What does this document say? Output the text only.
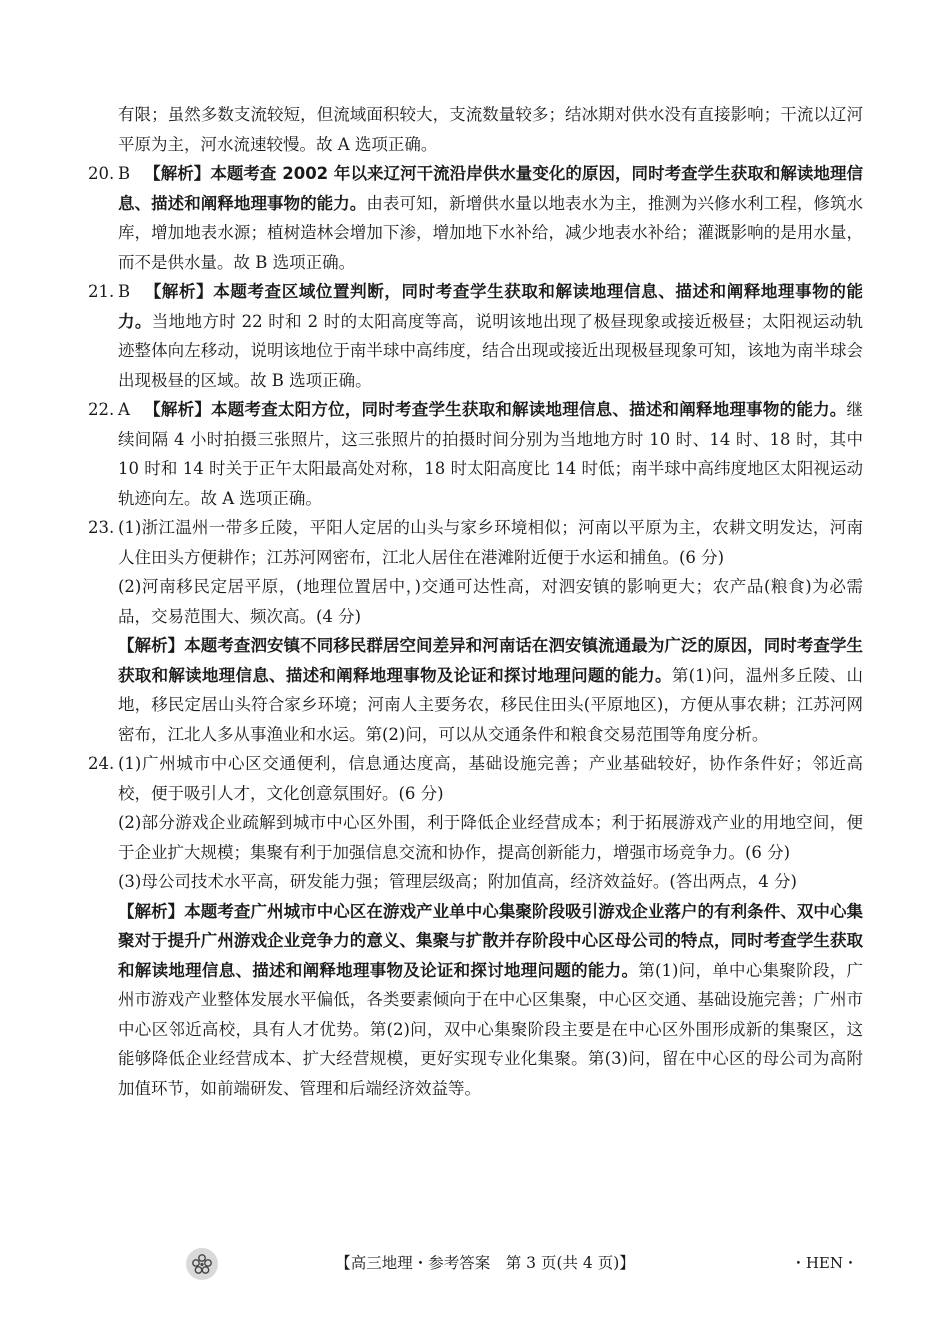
有限；虽然多数支流较短，但流域面积较大，支流数量较多；结冰期对供水没有直接影响；干流以辽河平原为主，河水流速较慢。故 A 选项正确。

20. B 【解析】本题考查 2002 年以来辽河干流沿岸供水量变化的原因，同时考查学生获取和解读地理信息、描述和阐释地理事物的能力。由表可知，新增供水量以地表水为主，推测为兴修水利工程，修筑水库，增加地表水源；植树造林会增加下渗，增加地下水补给，减少地表水补给；灌溉影响的是用水量，而不是供水量。故 B 选项正确。
21. B 【解析】本题考查区域位置判断，同时考查学生获取和解读地理信息、描述和阐释地理事物的能力。当地地方时 22 时和 2 时的太阳高度等高，说明该地出现了极昼现象或接近极昼；太阳视运动轨迹整体向左移动，说明该地位于南半球中高纬度，结合出现或接近出现极昼现象可知，该地为南半球会出现极昼的区域。故 B 选项正确。
22. A 【解析】本题考查太阳方位，同时考查学生获取和解读地理信息、描述和阐释地理事物的能力。继续间隔 4 小时拍摄三张照片，这三张照片的拍摄时间分别为当地地方时 10 时、14 时、18 时，其中 10 时和 14 时关于正午太阳最高处对称，18 时太阳高度比 14 时低；南半球中高纬度地区太阳视运动轨迹向左。故 A 选项正确。
23. (1)浙江温州一带多丘陵，平阳人定居的山头与家乡环境相似；河南以平原为主，农耕文明发达，河南人住田头方便耕作；江苏河网密布，江北人居住在港滩附近便于水运和捕鱼。(6 分)

(2)河南移民定居平原，(地理位置居中，)交通可达性高，对泗安镇的影响更大；农产品(粮食)为必需品，交易范围大、频次高。(4 分)

【解析】本题考查泗安镇不同移民群居空间差异和河南话在泗安镇流通最为广泛的原因，同时考查学生获取和解读地理信息、描述和阐释地理事物及论证和探讨地理问题的能力。第(1)问，温州多丘陵、山地，移民定居山头符合家乡环境；河南人主要务农，移民住田头(平原地区)，方便从事农耕；江苏河网密布，江北人多从事渔业和水运。第(2)问，可以从交通条件和粮食交易范围等角度分析。

24. (1)广州城市中心区交通便利，信息通达度高，基础设施完善；产业基础较好，协作条件好；邻近高校，便于吸引人才，文化创意氛围好。(6 分)

(2)部分游戏企业疏解到城市中心区外围，利于降低企业经营成本；利于拓展游戏产业的用地空间，便于企业扩大规模；集聚有利于加强信息交流和协作，提高创新能力，增强市场竞争力。(6 分)

(3)母公司技术水平高，研发能力强；管理层级高；附加值高，经济效益好。(答出两点，4 分)

【解析】本题考查广州城市中心区在游戏产业单中心集聚阶段吸引游戏企业落户的有利条件、双中心集聚对于提升广州游戏企业竞争力的意义、集聚与扩散并存阶段中心区母公司的特点，同时考查学生获取和解读地理信息、描述和阐释地理事物及论证和探讨地理问题的能力。第(1)问，单中心集聚阶段，广州市游戏产业整体发展水平偏低，各类要素倾向于在中心区集聚，中心区交通、基础设施完善；广州市中心区邻近高校，具有人才优势。第(2)问，双中心集聚阶段主要是在中心区外围形成新的集聚区，这能够降低企业经营成本、扩大经营规模，更好实现专业化集聚。第(3)问，留在中心区的母公司为高附加值环节，如前端研发、管理和后端经济效益等。

【高三地理・参考答案　第 3 页(共 4 页)】	・HEN・
